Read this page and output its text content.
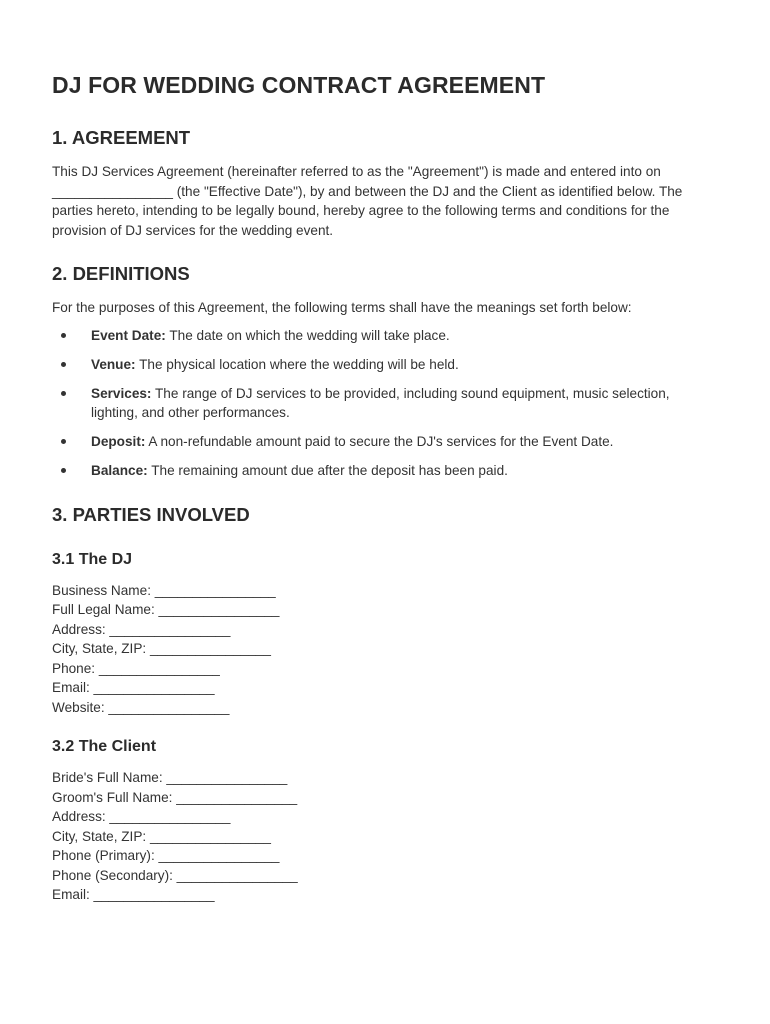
DJ FOR WEDDING CONTRACT AGREEMENT
1. AGREEMENT

This DJ Services Agreement (hereinafter referred to as the "Agreement") is made and entered into on ________________ (the "Effective Date"), by and between the DJ and the Client as identified below. The parties hereto, intending to be legally bound, hereby agree to the following terms and conditions for the provision of DJ services for the wedding event.

2. DEFINITIONS

For the purposes of this Agreement, the following terms shall have the meanings set forth below:

Event Date: The date on which the wedding will take place.
Venue: The physical location where the wedding will be held.
Services: The range of DJ services to be provided, including sound equipment, music selection, lighting, and other performances.
Deposit: A non-refundable amount paid to secure the DJ's services for the Event Date.
Balance: The remaining amount due after the deposit has been paid.
3. PARTIES INVOLVED
3.1 The DJ
Business Name: ________________
Full Legal Name: ________________
Address: ________________
City, State, ZIP: ________________
Phone: ________________
Email: ________________
Website: ________________
3.2 The Client
Bride's Full Name: ________________
Groom's Full Name: ________________
Address: ________________
City, State, ZIP: ________________
Phone (Primary): ________________
Phone (Secondary): ________________
Email: ________________
